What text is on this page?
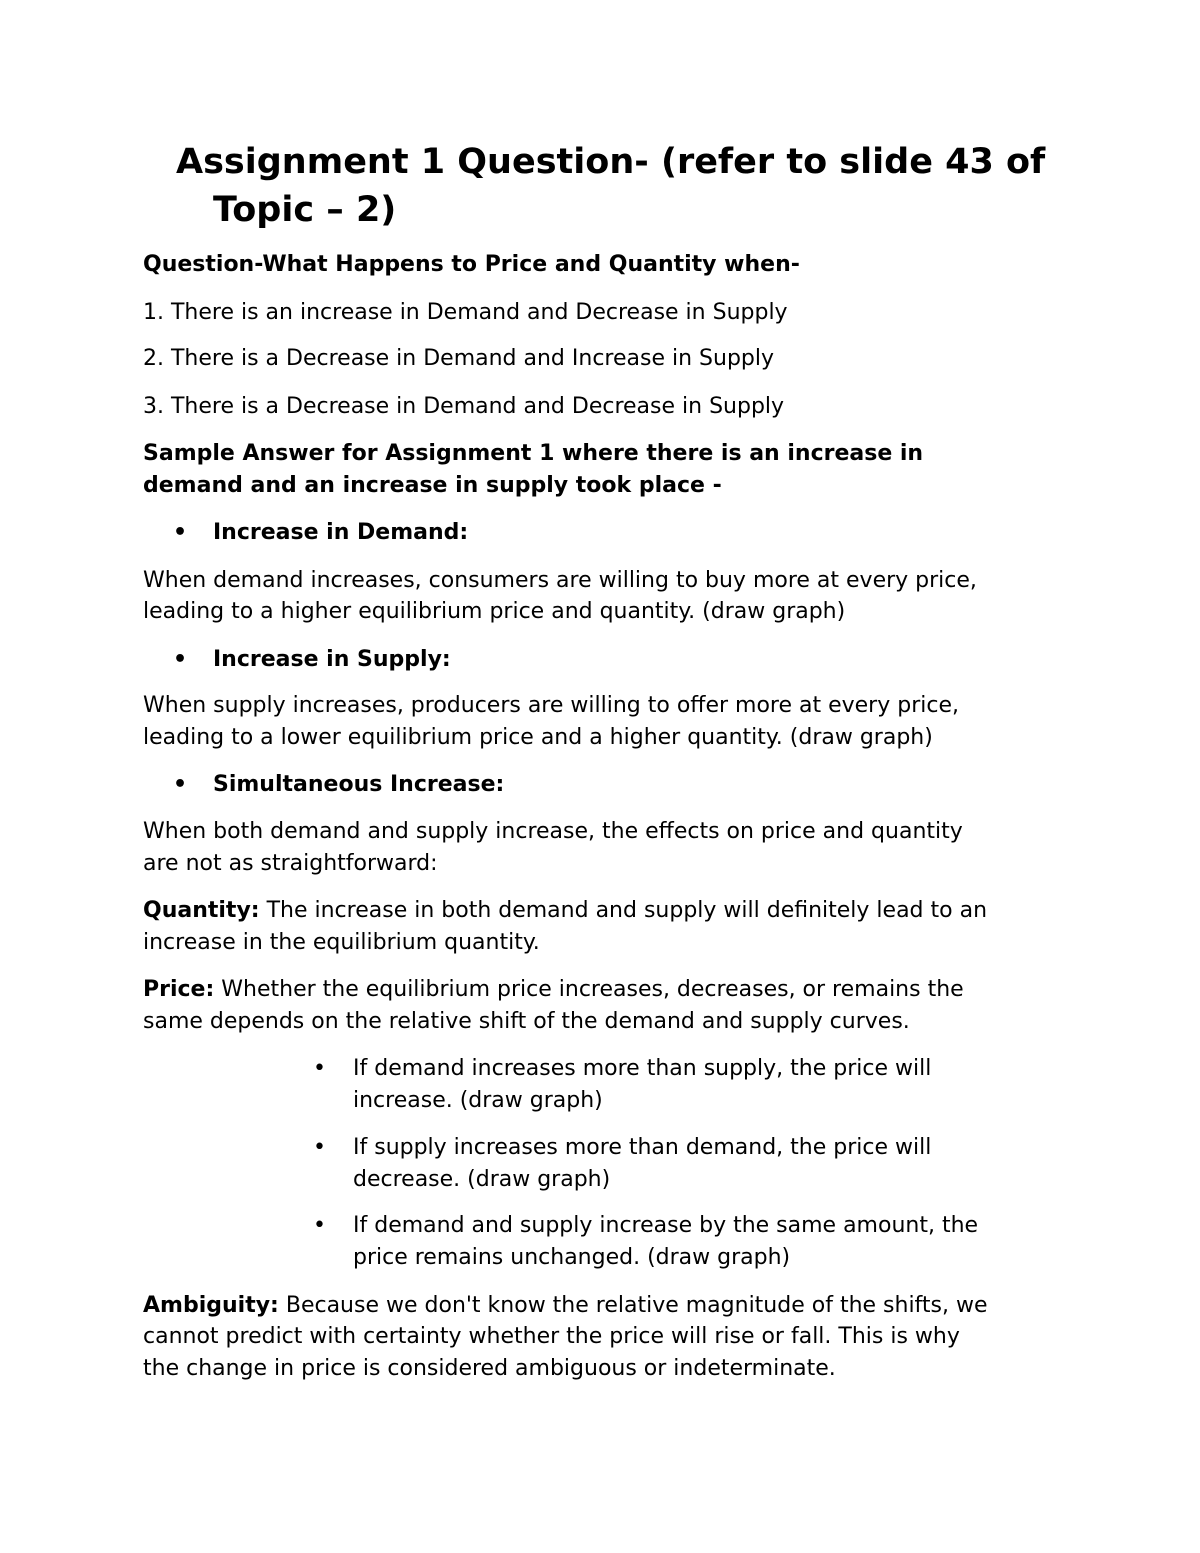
Assignment 1 Question- (refer to slide 43 of
Topic – 2)

Question-What Happens to Price and Quantity when-

1. There is an increase in Demand and Decrease in Supply

2. There is a Decrease in Demand and Increase in Supply

3. There is a Decrease in Demand and Decrease in Supply

Sample Answer for Assignment 1 where there is an increase in

demand and an increase in supply took place -

• Increase in Demand:

When demand increases, consumers are willing to buy more at every price,

leading to a higher equilibrium price and quantity. (draw graph)

• Increase in Supply:

When supply increases, producers are willing to offer more at every price,

leading to a lower equilibrium price and a higher quantity. (draw graph)

• Simultaneous Increase:

When both demand and supply increase, the effects on price and quantity

are not as straightforward:

Quantity: The increase in both demand and supply will definitely lead to an

increase in the equilibrium quantity.

Price: Whether the equilibrium price increases, decreases, or remains the

same depends on the relative shift of the demand and supply curves.

• If demand increases more than supply, the price will
increase. (draw graph)
• If supply increases more than demand, the price will
decrease. (draw graph)
• If demand and supply increase by the same amount, the
price remains unchanged. (draw graph)

Ambiguity: Because we don't know the relative magnitude of the shifts, we

cannot predict with certainty whether the price will rise or fall. This is why

the change in price is considered ambiguous or indeterminate.
